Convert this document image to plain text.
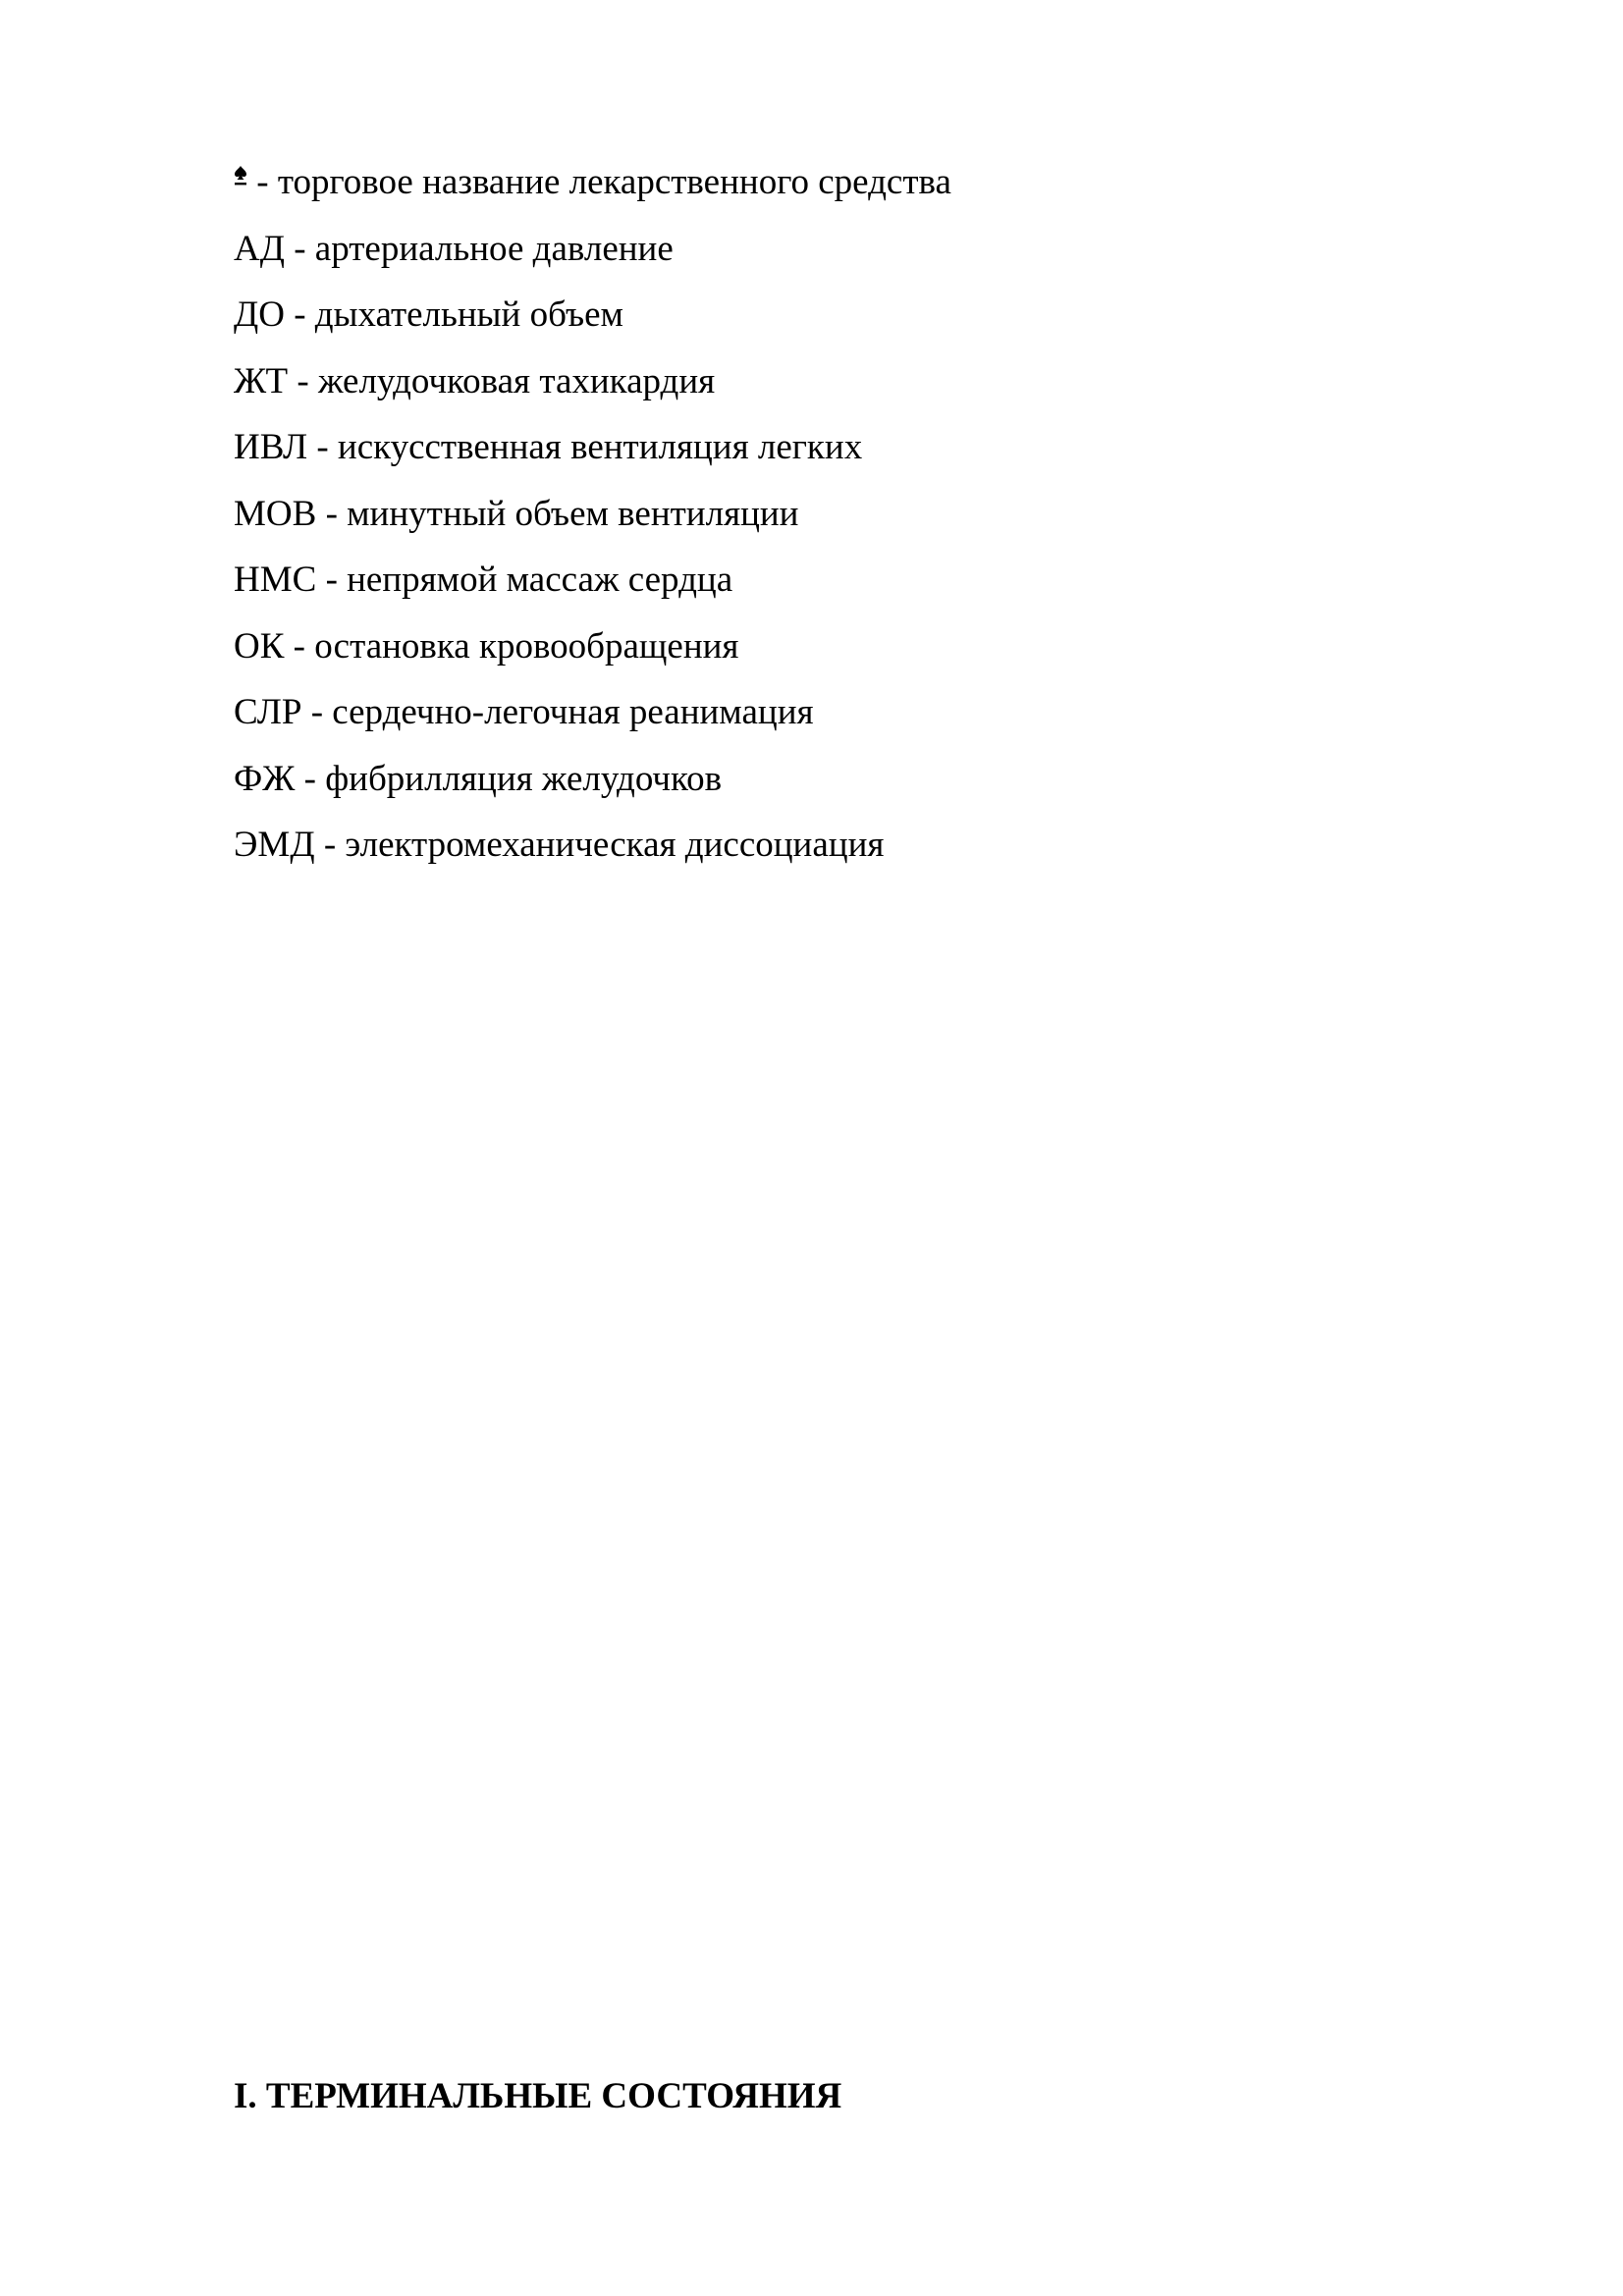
- торговое название лекарственного средства
АД - артериальное давление
ДО - дыхательный объем
ЖТ - желудочковая тахикардия
ИВЛ - искусственная вентиляция легких
МОВ - минутный объем вентиляции
НМС - непрямой массаж сердца
ОК - остановка кровообращения
СЛР - сердечно-легочная реанимация
ФЖ - фибрилляция желудочков
ЭМД - электромеханическая диссоциация
I. ТЕРМИНАЛЬНЫЕ СОСТОЯНИЯ
